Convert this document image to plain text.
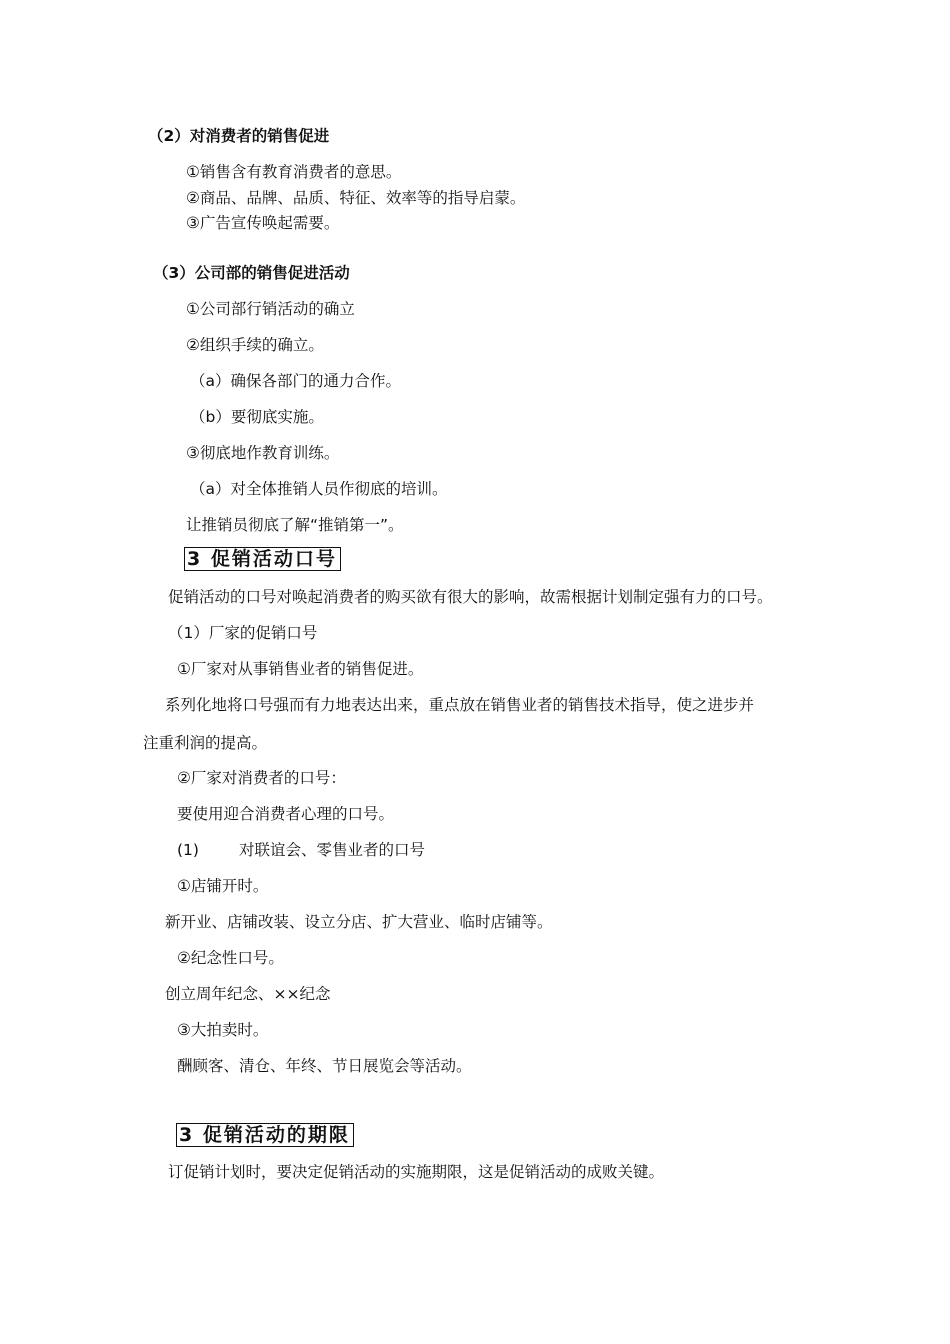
（2）对消费者的销售促进
①销售含有教育消费者的意思。
②商品、品牌、品质、特征、效率等的指导启蒙。
③广告宣传唤起需要。
（3）公司部的销售促进活动
①公司部行销活动的确立
②组织手续的确立。
（a）确保各部门的通力合作。
（b）要彻底实施。
③彻底地作教育训练。
（a）对全体推销人员作彻底的培训。
让推销员彻底了解“推销第一”。
3 促销活动口号
促销活动的口号对唤起消费者的购买欲有很大的影响，故需根据计划制定强有力的口号。
（1）厂家的促销口号
①厂家对从事销售业者的销售促进。
系列化地将口号强而有力地表达出来，重点放在销售业者的销售技术指导，使之进步并
注重利润的提高。
②厂家对消费者的口号：
要使用迎合消费者心理的口号。
(1)	对联谊会、零售业者的口号
①店铺开时。
新开业、店铺改装、设立分店、扩大营业、临时店铺等。
②纪念性口号。
创立周年纪念、××纪念
③大拍卖时。
酬顾客、清仓、年终、节日展览会等活动。
3 促销活动的期限
订促销计划时，要决定促销活动的实施期限，这是促销活动的成败关键。
